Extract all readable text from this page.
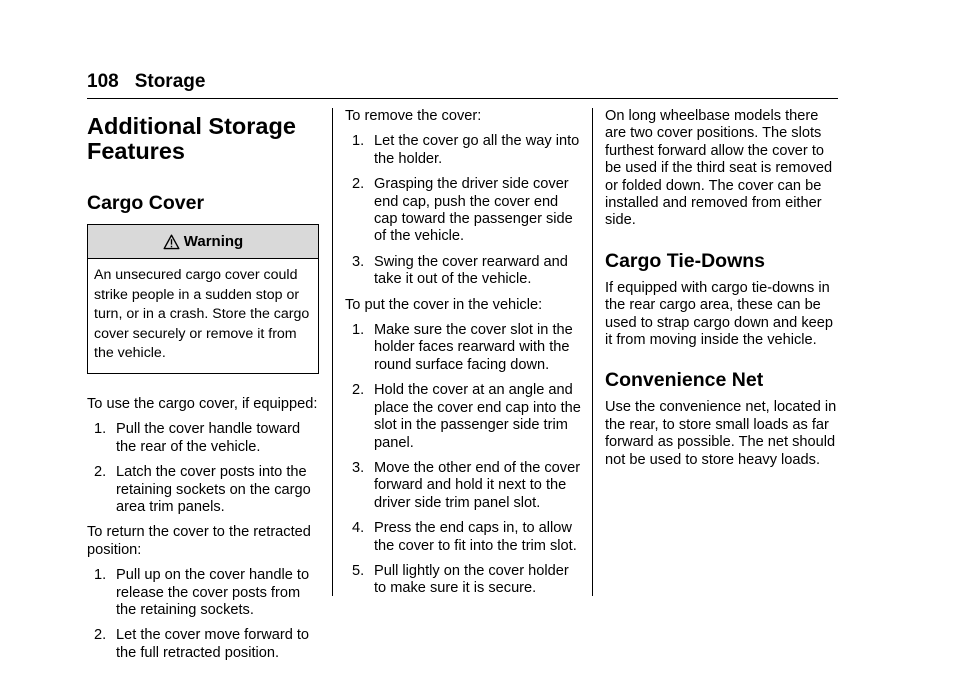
108 Storage
Additional Storage
Features
Cargo Cover
Warning
An unsecured cargo cover could strike people in a sudden stop or turn, or in a crash. Store the cargo cover securely or remove it from the vehicle.

To use the cargo cover, if equipped:

1. Pull the cover handle toward the rear of the vehicle.
2. Latch the cover posts into the retaining sockets on the cargo area trim panels.

To return the cover to the retracted position:

1. Pull up on the cover handle to release the cover posts from the retaining sockets.
2. Let the cover move forward to the full retracted position.

To remove the cover:

1. Let the cover go all the way into the holder.
2. Grasping the driver side cover end cap, push the cover end cap toward the passenger side of the vehicle.
3. Swing the cover rearward and take it out of the vehicle.

To put the cover in the vehicle:

1. Make sure the cover slot in the holder faces rearward with the round surface facing down.
2. Hold the cover at an angle and place the cover end cap into the slot in the passenger side trim panel.
3. Move the other end of the cover forward and hold it next to the driver side trim panel slot.
4. Press the end caps in, to allow the cover to fit into the trim slot.
5. Pull lightly on the cover holder to make sure it is secure.

On long wheelbase models there are two cover positions. The slots furthest forward allow the cover to be used if the third seat is removed or folded down. The cover can be installed and removed from either side.

Cargo Tie-Downs

If equipped with cargo tie-downs in the rear cargo area, these can be used to strap cargo down and keep it from moving inside the vehicle.

Convenience Net

Use the convenience net, located in the rear, to store small loads as far forward as possible. The net should not be used to store heavy loads.
